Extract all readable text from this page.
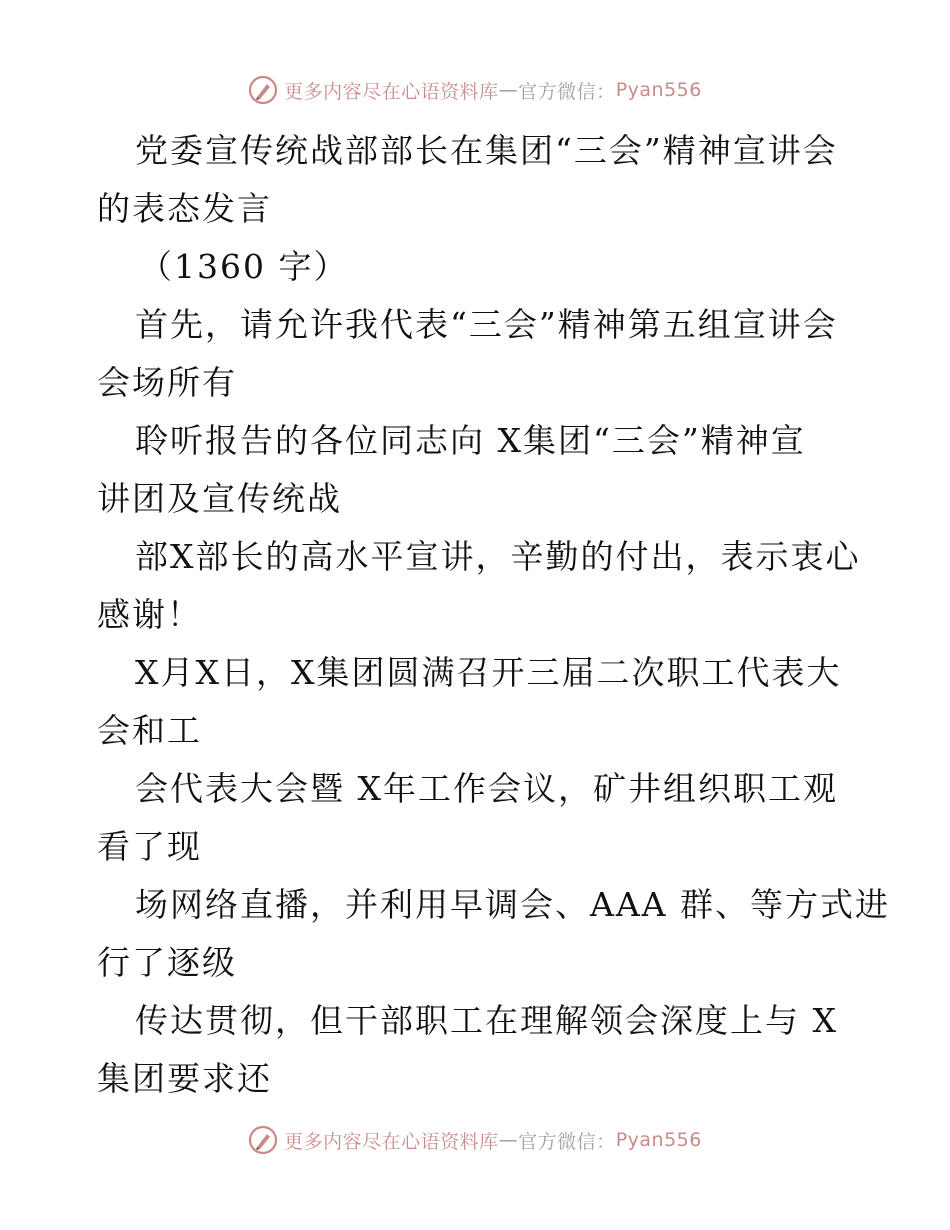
更多内容尽在心语资料库 — 官方微信： Pyan556

党委宣传统战部部长在集团“三会”精神宣讲会

的表态发言

（1360 字）

首先，请允许我代表“三会”精神第五组宣讲会

会场所有

聆听报告的各位同志向 X集团“三会”精神宣

讲团及宣传统战

部X部长的高水平宣讲，辛勤的付出，表示衷心

感谢！

X月X日，X集团圆满召开三届二次职工代表大

会和工

会代表大会暨 X年工作会议，矿井组织职工观

看了现

场网络直播，并利用早调会、AAA 群、等方式进

行了逐级

传达贯彻，但干部职工在理解领会深度上与 X

集团要求还

更多内容尽在心语资料库 — 官方微信： Pyan556
